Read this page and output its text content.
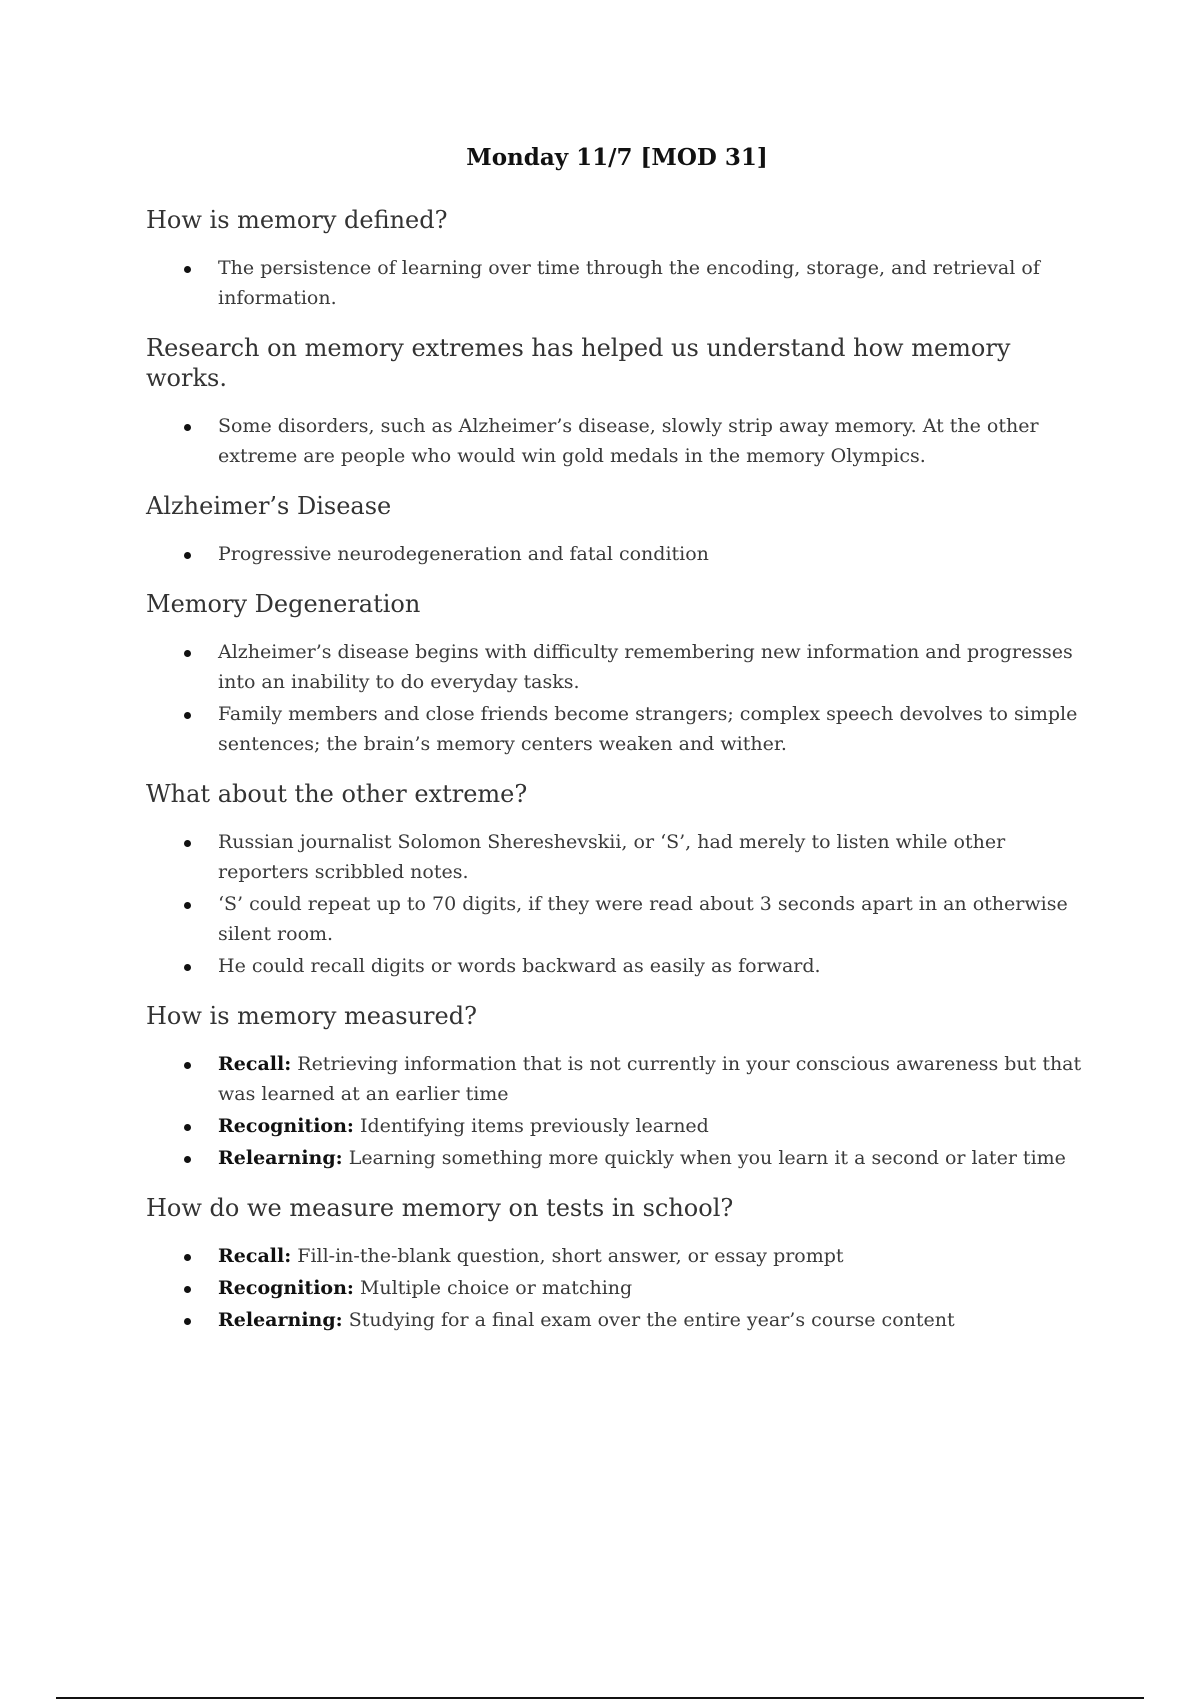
Monday 11/7 [MOD 31]
How is memory defined?
The persistence of learning over time through the encoding, storage, and retrieval of information.
Research on memory extremes has helped us understand how memory works.
Some disorders, such as Alzheimer’s disease, slowly strip away memory. At the other extreme are people who would win gold medals in the memory Olympics.
Alzheimer’s Disease
Progressive neurodegeneration and fatal condition
Memory Degeneration
Alzheimer’s disease begins with difficulty remembering new information and progresses into an inability to do everyday tasks.
Family members and close friends become strangers; complex speech devolves to simple sentences; the brain’s memory centers weaken and wither.
What about the other extreme?
Russian journalist Solomon Shereshevskii, or ‘S’, had merely to listen while other reporters scribbled notes.
‘S’ could repeat up to 70 digits, if they were read about 3 seconds apart in an otherwise silent room.
He could recall digits or words backward as easily as forward.
How is memory measured?
Recall: Retrieving information that is not currently in your conscious awareness but that was learned at an earlier time
Recognition: Identifying items previously learned
Relearning: Learning something more quickly when you learn it a second or later time
How do we measure memory on tests in school?
Recall: Fill-in-the-blank question, short answer, or essay prompt
Recognition: Multiple choice or matching
Relearning: Studying for a final exam over the entire year’s course content
